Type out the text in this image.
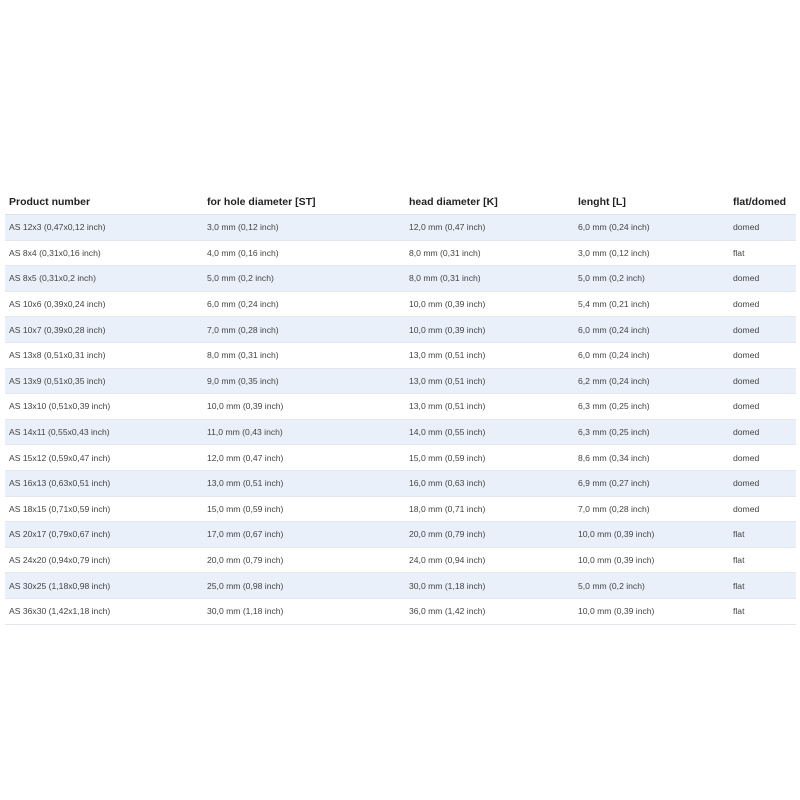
Product number	for hole diameter [ST]	head diameter [K]	lenght [L]	flat/domed
AS 12x3 (0,47x0,12 inch)	3,0 mm (0,12 inch)	12,0 mm (0,47 inch)	6,0 mm (0,24 inch)	domed
AS 8x4 (0,31x0,16 inch)	4,0 mm (0,16 inch)	8,0 mm (0,31 inch)	3,0 mm (0,12 inch)	flat
AS 8x5 (0,31x0,2 inch)	5,0 mm (0,2 inch)	8,0 mm (0,31 inch)	5,0 mm (0,2 inch)	domed
AS 10x6 (0,39x0,24 inch)	6,0 mm (0,24 inch)	10,0 mm (0,39 inch)	5,4 mm (0,21 inch)	domed
AS 10x7 (0,39x0,28 inch)	7,0 mm (0,28 inch)	10,0 mm (0,39 inch)	6,0 mm (0,24 inch)	domed
AS 13x8 (0,51x0,31 inch)	8,0 mm (0,31 inch)	13,0 mm (0,51 inch)	6,0 mm (0,24 inch)	domed
AS 13x9 (0,51x0,35 inch)	9,0 mm (0,35 inch)	13,0 mm (0,51 inch)	6,2 mm (0,24 inch)	domed
AS 13x10 (0,51x0,39 inch)	10,0 mm (0,39 inch)	13,0 mm (0,51 inch)	6,3 mm (0,25 inch)	domed
AS 14x11 (0,55x0,43 inch)	11,0 mm (0,43 inch)	14,0 mm (0,55 inch)	6,3 mm (0,25 inch)	domed
AS 15x12 (0,59x0,47 inch)	12,0 mm (0,47 inch)	15,0 mm (0,59 inch)	8,6 mm (0,34 inch)	domed
AS 16x13 (0,63x0,51 inch)	13,0 mm (0,51 inch)	16,0 mm (0,63 inch)	6,9 mm (0,27 inch)	domed
AS 18x15 (0,71x0,59 inch)	15,0 mm (0,59 inch)	18,0 mm (0,71 inch)	7,0 mm (0,28 inch)	domed
AS 20x17 (0,79x0,67 inch)	17,0 mm (0,67 inch)	20,0 mm (0,79 inch)	10,0 mm (0,39 inch)	flat
AS 24x20 (0,94x0,79 inch)	20,0 mm (0,79 inch)	24,0 mm (0,94 inch)	10,0 mm (0,39 inch)	flat
AS 30x25 (1,18x0,98 inch)	25,0 mm (0,98 inch)	30,0 mm (1,18 inch)	5,0 mm (0,2 inch)	flat
AS 36x30 (1,42x1,18 inch)	30,0 mm (1,18 inch)	36,0 mm (1,42 inch)	10,0 mm (0,39 inch)	flat
